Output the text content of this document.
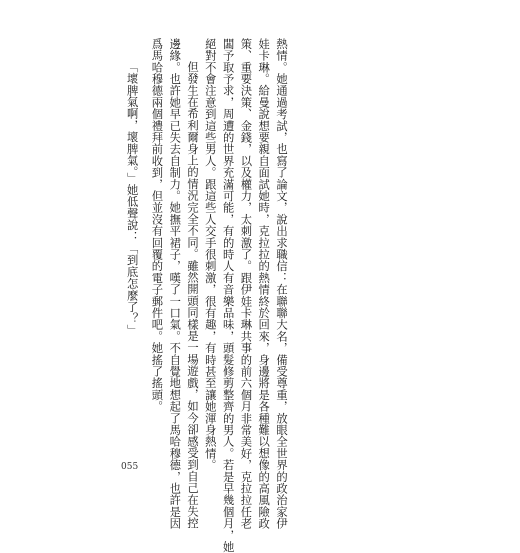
熱情。她通過考試，也寫了論文，說出求職信：在聯聯大名，備受尊重，放眼全世界的政治家伊
娃卡琳。給曼說想要親自面試她時，克拉拉的熱情終於回來，身邊將是各種難以想像的高風險政
策、重要決策、金錢，以及權力，太刺激了。跟伊娃卡琳共事的前六個月非常美好，克拉拉任老
闆予取予求，周遭的世界充滿可能，有的時人有音樂品味，頭髮修剪整齊的男人。若是早幾個月，她
絕對不會注意到這些男人。跟這些人交手很刺激，很有趣，有時甚至讓她渾身熱情。
但發生在希利爾身上的情況完全不同。雖然開頭同樣是一場遊戲，如今卻感受到自己在失控
邊緣。也許她早已失去自制力。她撫平裙子，嘆了一口氣。不自覺地想起了馬哈穆德，也許是因
爲馬哈穆德兩個禮拜前收到，但並沒有回覆的電子郵件吧。她搖了搖頭。
「壞脾氣啊，壞脾氣。」她低聲說：「到底怎麼了？」
055
